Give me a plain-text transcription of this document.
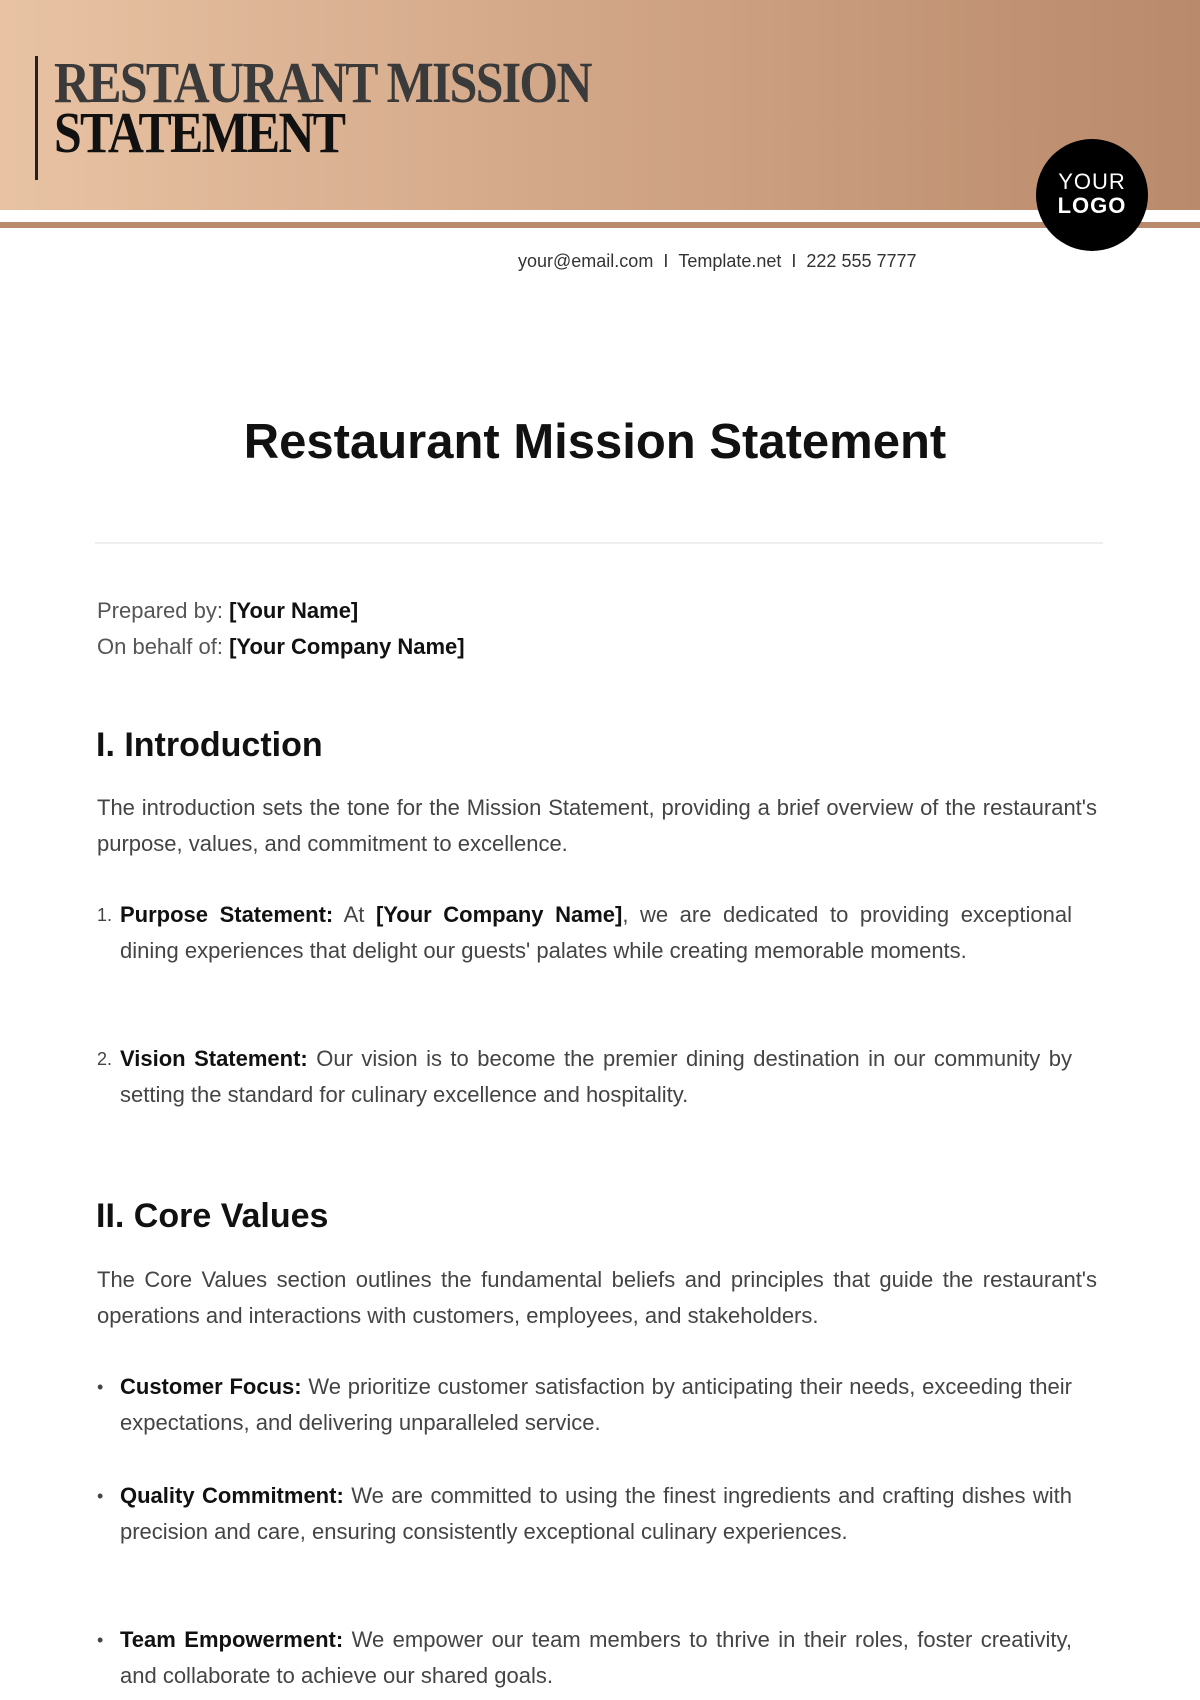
RESTAURANT MISSION
STATEMENT
YOUR
LOGO
your@email.com I Template.net I 222 555 7777
Restaurant Mission Statement
Prepared by: [Your Name]
On behalf of: [Your Company Name]
I. Introduction
The introduction sets the tone for the Mission Statement, providing a brief overview of the restaurant's purpose, values, and commitment to excellence.
1. Purpose Statement: At [Your Company Name], we are dedicated to providing exceptional dining experiences that delight our guests' palates while creating memorable moments.
2. Vision Statement: Our vision is to become the premier dining destination in our community by setting the standard for culinary excellence and hospitality.
II. Core Values
The Core Values section outlines the fundamental beliefs and principles that guide the restaurant's operations and interactions with customers, employees, and stakeholders.
• Customer Focus: We prioritize customer satisfaction by anticipating their needs, exceeding their expectations, and delivering unparalleled service.
• Quality Commitment: We are committed to using the finest ingredients and crafting dishes with precision and care, ensuring consistently exceptional culinary experiences.
• Team Empowerment: We empower our team members to thrive in their roles, foster creativity, and collaborate to achieve our shared goals.
